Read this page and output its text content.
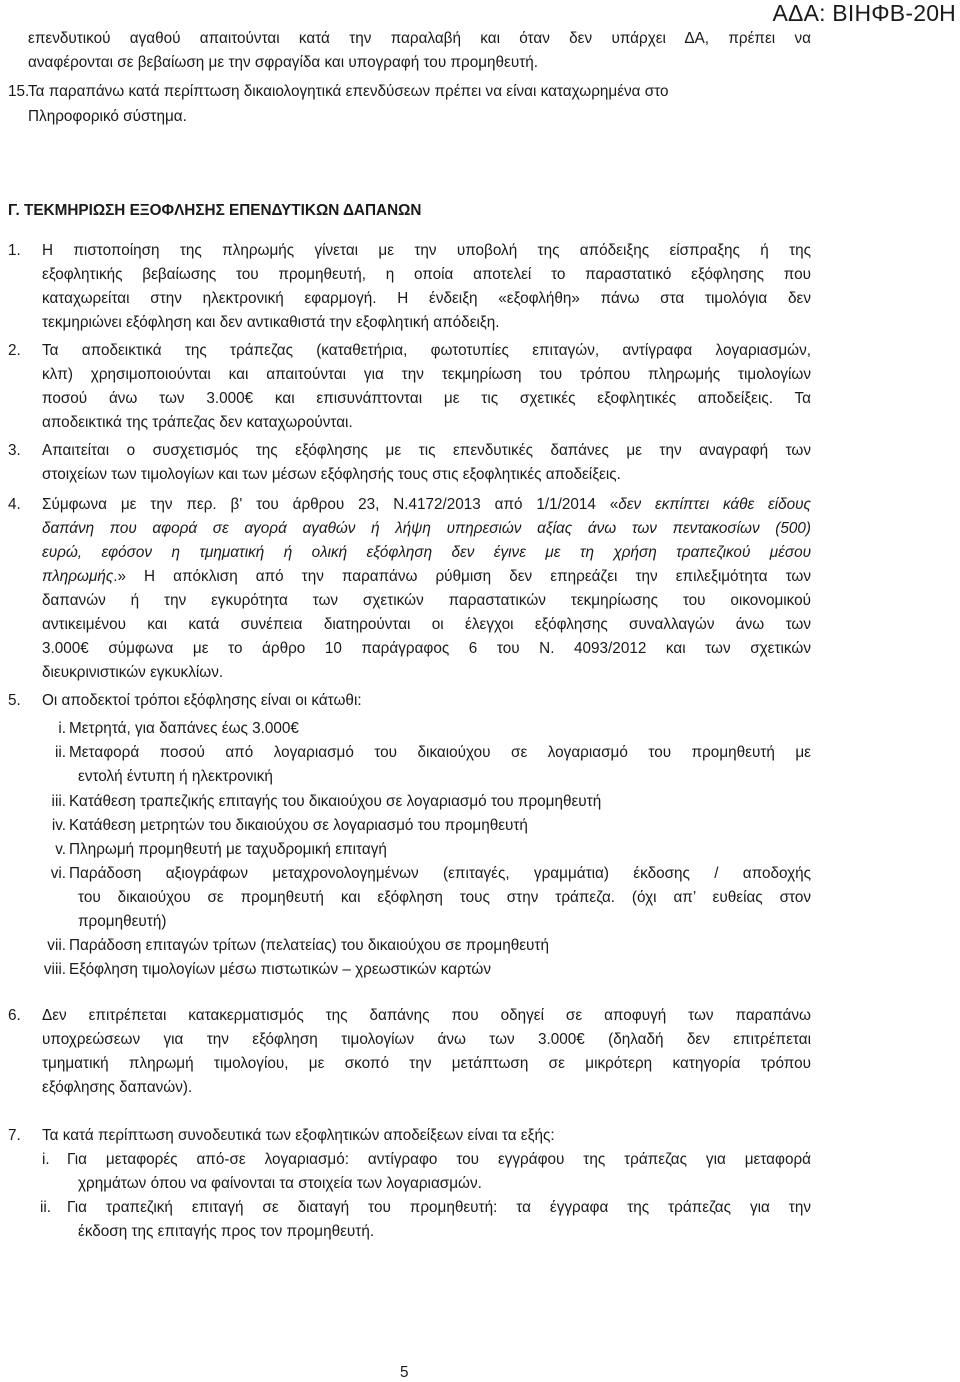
ΑΔΑ: ΒΙΗΦΒ-20Η
επενδυτικού αγαθού απαιτούνται κατά την παραλαβή και όταν δεν υπάρχει ΔΑ, πρέπει να
αναφέρονται σε βεβαίωση με την σφραγίδα και υπογραφή του προμηθευτή.
15.
Τα παραπάνω κατά περίπτωση δικαιολογητικά επενδύσεων πρέπει να είναι καταχωρημένα στο
Πληροφορικό σύστημα.
Γ. ΤΕΚΜΗΡΙΩΣΗ ΕΞΟΦΛΗΣΗΣ ΕΠΕΝΔΥΤΙΚΩΝ ΔΑΠΑΝΩΝ
1. Η πιστοποίηση της πληρωμής γίνεται με την υποβολή της απόδειξης είσπραξης ή της
εξοφλητικής βεβαίωσης του προμηθευτή, η οποία αποτελεί το παραστατικό εξόφλησης που
καταχωρείται στην ηλεκτρονική εφαρμογή. Η ένδειξη «εξοφλήθη» πάνω στα τιμολόγια δεν
τεκμηριώνει εξόφληση και δεν αντικαθιστά την εξοφλητική απόδειξη.
2. Τα αποδεικτικά της τράπεζας (καταθετήρια, φωτοτυπίες επιταγών, αντίγραφα λογαριασμών,
κλπ) χρησιμοποιούνται και απαιτούνται για την τεκμηρίωση του τρόπου πληρωμής τιμολογίων
ποσού άνω των 3.000€ και επισυνάπτονται με τις σχετικές εξοφλητικές αποδείξεις. Τα
αποδεικτικά της τράπεζας δεν καταχωρούνται.
3. Απαιτείται ο συσχετισμός της εξόφλησης με τις επενδυτικές δαπάνες με την αναγραφή των
στοιχείων των τιμολογίων και των μέσων εξόφλησής τους στις εξοφλητικές αποδείξεις.
4. Σύμφωνα με την περ. β' του άρθρου 23, Ν.4172/2013 από 1/1/2014 «δεν εκπίπτει κάθε είδους
δαπάνη που αφορά σε αγορά αγαθών ή λήψη υπηρεσιών αξίας άνω των πεντακοσίων (500)
ευρώ, εφόσον η τμηματική ή ολική εξόφληση δεν έγινε με τη χρήση τραπεζικού μέσου
πληρωμής.» Η απόκλιση από την παραπάνω ρύθμιση δεν επηρεάζει την επιλεξιμότητα των
δαπανών ή την εγκυρότητα των σχετικών παραστατικών τεκμηρίωσης του οικονομικού
αντικειμένου και κατά συνέπεια διατηρούνται οι έλεγχοι εξόφλησης συναλλαγών άνω των
3.000€ σύμφωνα με το άρθρο 10 παράγραφος 6 του Ν. 4093/2012 και των σχετικών
διευκρινιστικών εγκυκλίων.
5. Οι αποδεκτοί τρόποι εξόφλησης είναι οι κάτωθι:
i. Μετρητά, για δαπάνες έως 3.000€
ii. Μεταφορά ποσού από λογαριασμό του δικαιούχου σε λογαριασμό του προμηθευτή με
εντολή έντυπη ή ηλεκτρονική
iii. Κατάθεση τραπεζικής επιταγής του δικαιούχου σε λογαριασμό του προμηθευτή
iv. Κατάθεση μετρητών του δικαιούχου σε λογαριασμό του προμηθευτή
v. Πληρωμή προμηθευτή με ταχυδρομική επιταγή
vi. Παράδοση αξιογράφων μεταχρονολογημένων (επιταγές, γραμμάτια) έκδοσης / αποδοχής
του δικαιούχου σε προμηθευτή και εξόφληση τους στην τράπεζα. (όχι απ’ ευθείας στον
προμηθευτή)
vii. Παράδοση επιταγών τρίτων (πελατείας) του δικαιούχου σε προμηθευτή
viii. Εξόφληση τιμολογίων μέσω πιστωτικών – χρεωστικών καρτών
6. Δεν επιτρέπεται κατακερματισμός της δαπάνης που οδηγεί σε αποφυγή των παραπάνω
υποχρεώσεων για την εξόφληση τιμολογίων άνω των 3.000€ (δηλαδή δεν επιτρέπεται
τμηματική πληρωμή τιμολογίου, με σκοπό την μετάπτωση σε μικρότερη κατηγορία τρόπου
εξόφλησης δαπανών).
7. Τα κατά περίπτωση συνοδευτικά των εξοφλητικών αποδείξεων είναι τα εξής:
i. Για μεταφορές από-σε λογαριασμό: αντίγραφο του εγγράφου της τράπεζας για μεταφορά
χρημάτων όπου να φαίνονται τα στοιχεία των λογαριασμών.
ii. Για τραπεζική επιταγή σε διαταγή του προμηθευτή: τα έγγραφα της τράπεζας για την
έκδοση της επιταγής προς τον προμηθευτή.
5
